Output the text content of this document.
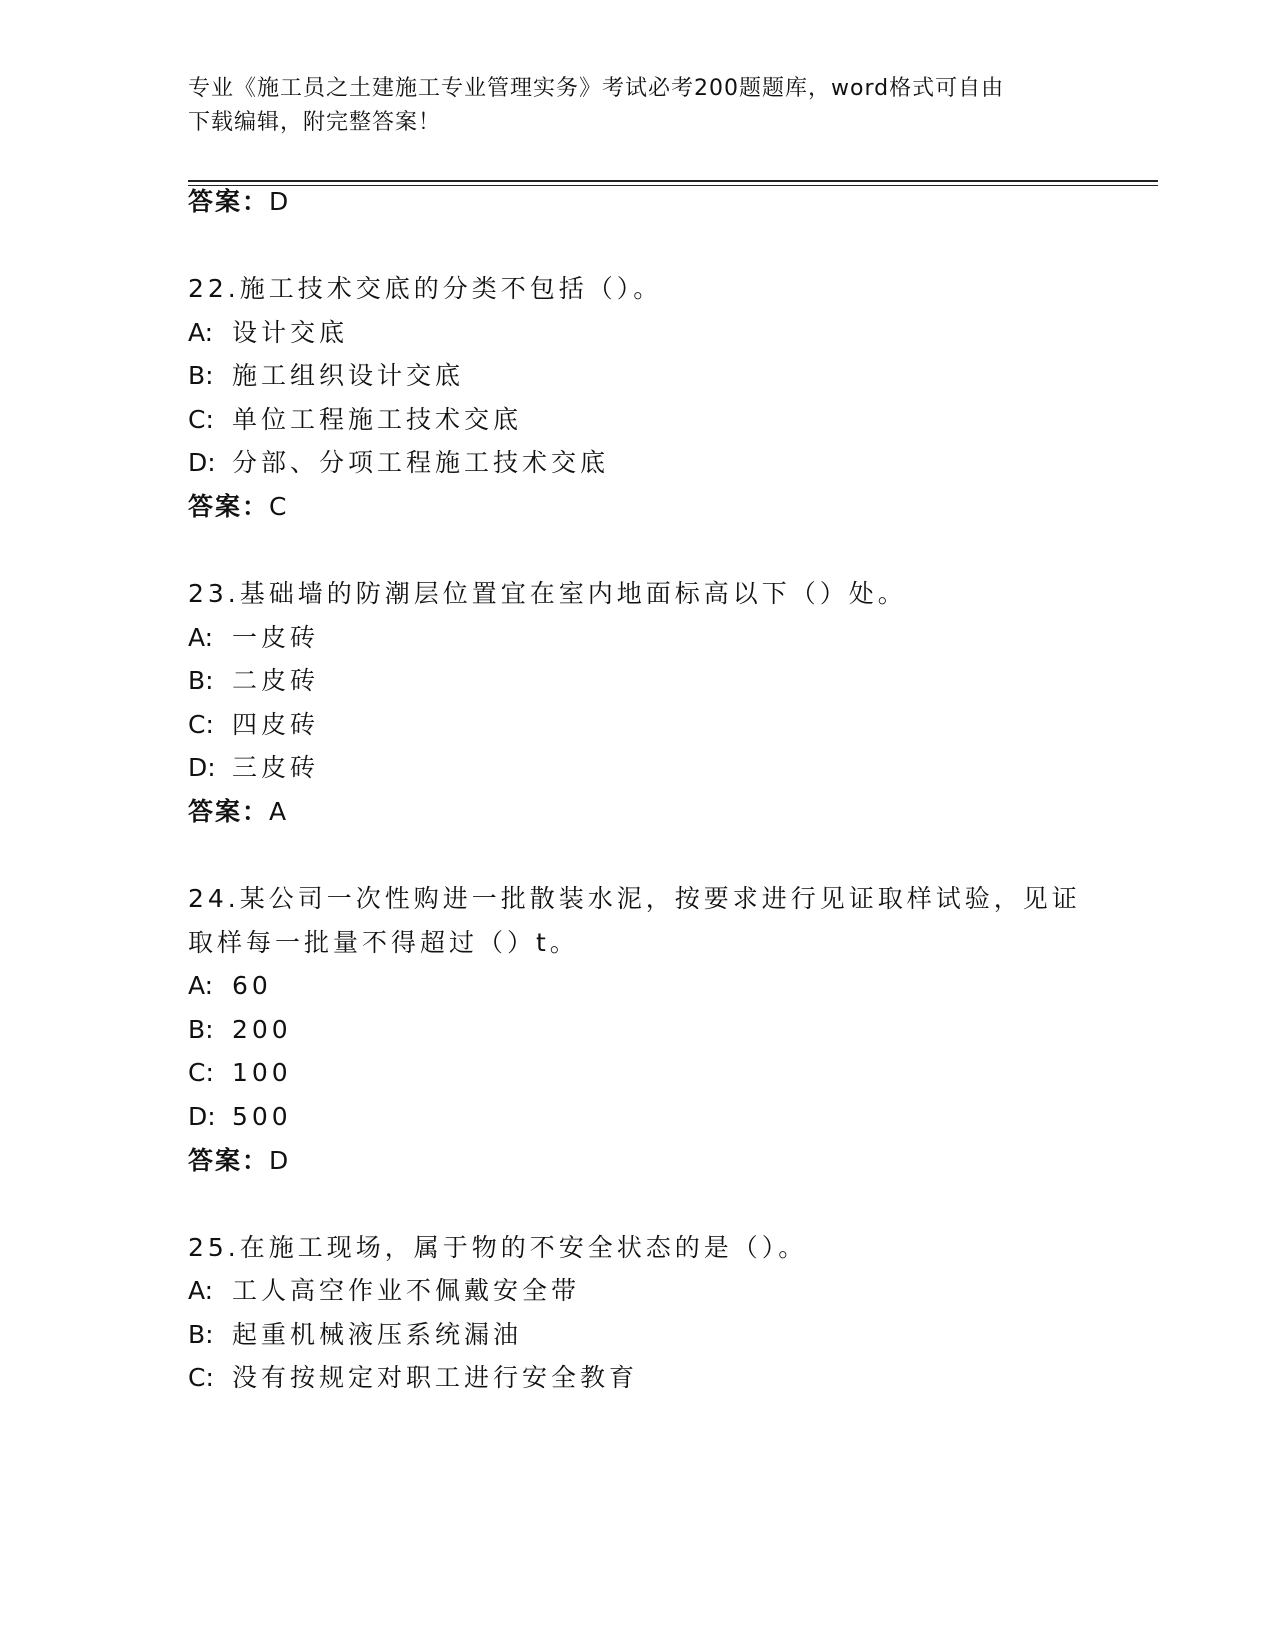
专业《施工员之土建施工专业管理实务》考试必考200题题库，word格式可自由
下载编辑，附完整答案！
答案：D
22.施工技术交底的分类不包括（）。
A: 设计交底
B: 施工组织设计交底
C: 单位工程施工技术交底
D: 分部、分项工程施工技术交底
答案：C
23.基础墙的防潮层位置宜在室内地面标高以下（）处。
A: 一皮砖
B: 二皮砖
C: 四皮砖
D: 三皮砖
答案：A
24.某公司一次性购进一批散装水泥，按要求进行见证取样试验，见证
取样每一批量不得超过（）t。
A: 60
B: 200
C: 100
D: 500
答案：D
25.在施工现场，属于物的不安全状态的是（）。
A: 工人高空作业不佩戴安全带
B: 起重机械液压系统漏油
C: 没有按规定对职工进行安全教育
